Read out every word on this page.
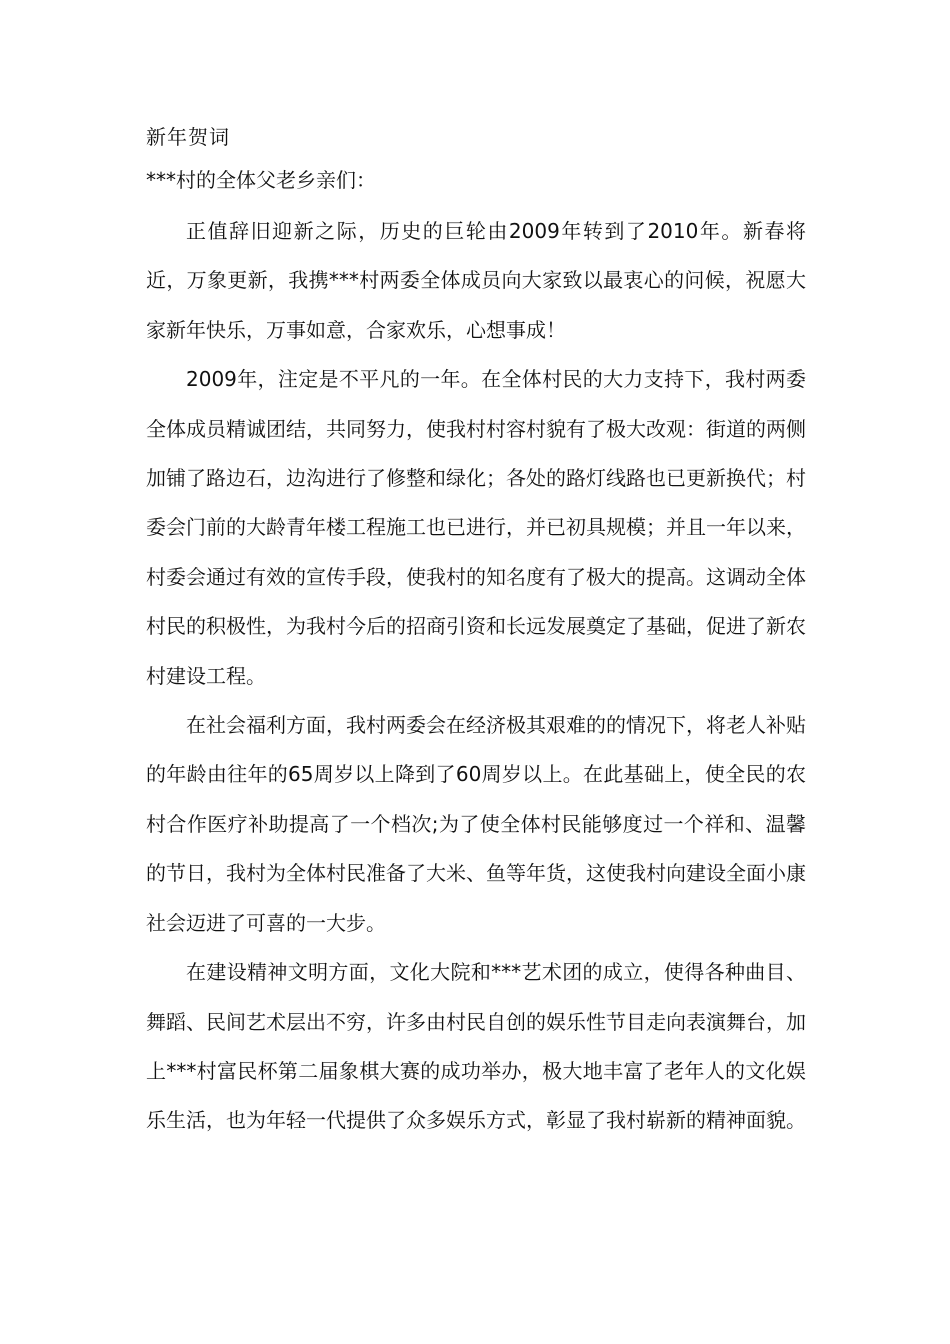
新年贺词

***村的全体父老乡亲们：

正值辞旧迎新之际，历史的巨轮由2009年转到了2010年。新春将近，万象更新，我携***村两委全体成员向大家致以最衷心的问候，祝愿大家新年快乐，万事如意，合家欢乐，心想事成！

2009年，注定是不平凡的一年。在全体村民的大力支持下，我村两委全体成员精诚团结，共同努力，使我村村容村貌有了极大改观：街道的两侧加铺了路边石，边沟进行了修整和绿化；各处的路灯线路也已更新换代；村委会门前的大龄青年楼工程施工也已进行，并已初具规模；并且一年以来，村委会通过有效的宣传手段，使我村的知名度有了极大的提高。这调动全体村民的积极性，为我村今后的招商引资和长远发展奠定了基础，促进了新农村建设工程。

在社会福利方面，我村两委会在经济极其艰难的的情况下，将老人补贴的年龄由往年的65周岁以上降到了60周岁以上。在此基础上，使全民的农村合作医疗补助提高了一个档次;为了使全体村民能够度过一个祥和、温馨的节日，我村为全体村民准备了大米、鱼等年货，这使我村向建设全面小康社会迈进了可喜的一大步。

在建设精神文明方面，文化大院和***艺术团的成立，使得各种曲目、舞蹈、民间艺术层出不穷，许多由村民自创的娱乐性节目走向表演舞台，加上***村富民杯第二届象棋大赛的成功举办，极大地丰富了老年人的文化娱乐生活，也为年轻一代提供了众多娱乐方式，彰显了我村崭新的精神面貌。
